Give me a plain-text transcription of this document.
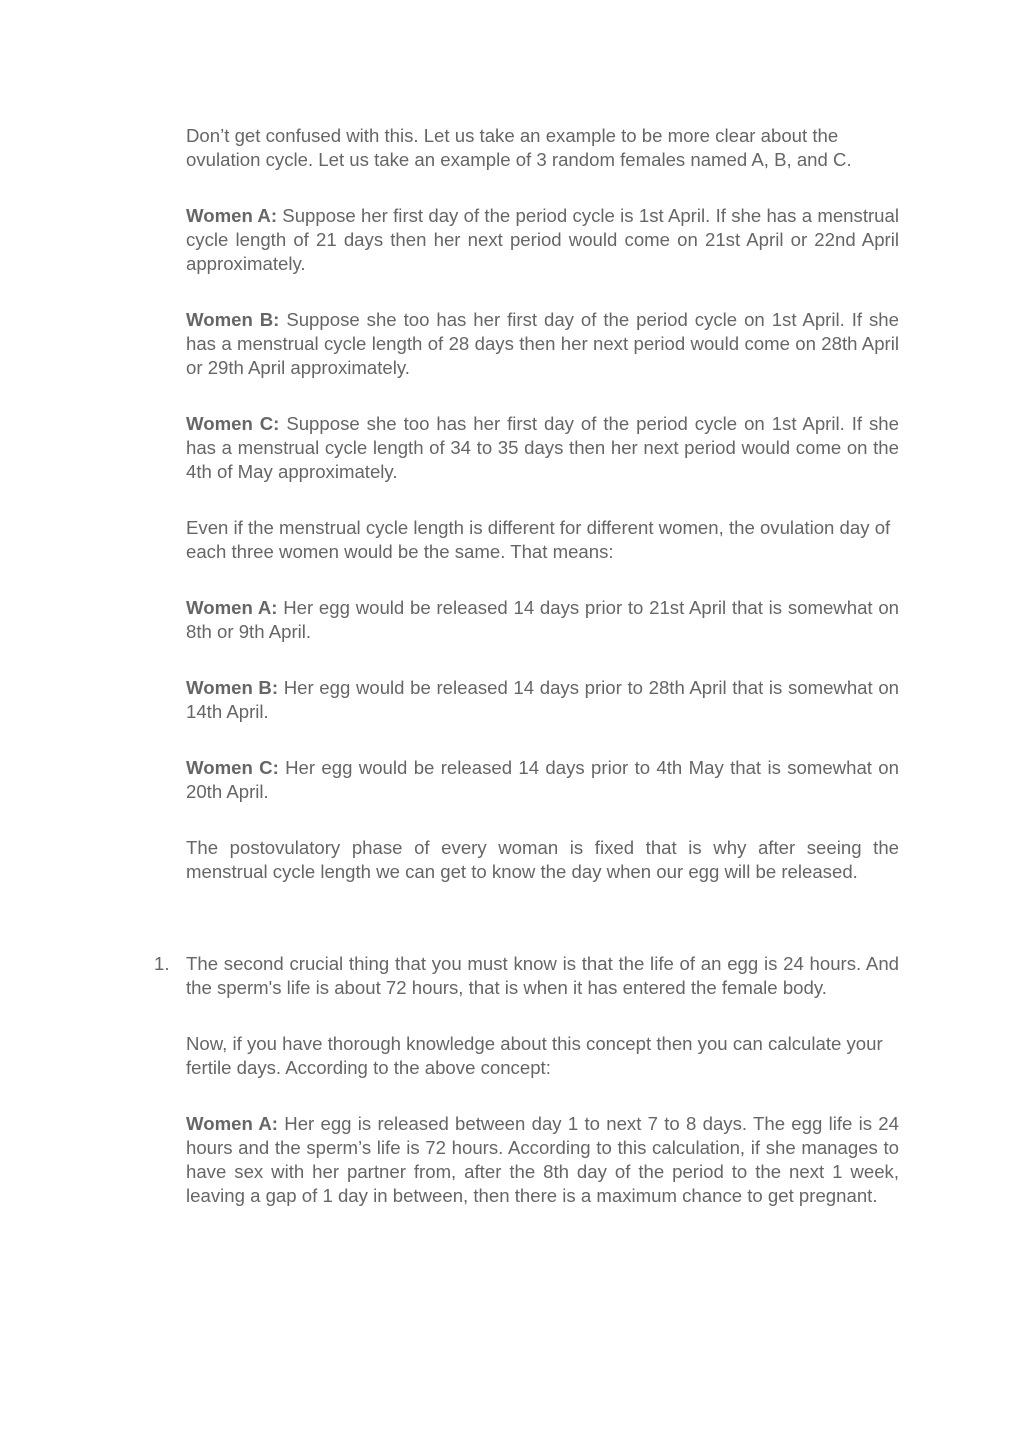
Don’t get confused with this. Let us take an example to be more clear about the ovulation cycle. Let us take an example of 3 random females named A, B, and C.

Women A: Suppose her first day of the period cycle is 1st April. If she has a menstrual cycle length of 21 days then her next period would come on 21st April or 22nd April approximately.

Women B: Suppose she too has her first day of the period cycle on 1st April. If she has a menstrual cycle length of 28 days then her next period would come on 28th April or 29th April approximately.

Women C: Suppose she too has her first day of the period cycle on 1st April. If she has a menstrual cycle length of 34 to 35 days then her next period would come on the 4th of May approximately.

Even if the menstrual cycle length is different for different women, the ovulation day of each three women would be the same. That means:

Women A: Her egg would be released 14 days prior to 21st April that is somewhat on 8th or 9th April.

Women B: Her egg would be released 14 days prior to 28th April that is somewhat on 14th April.

Women C: Her egg would be released 14 days prior to 4th May that is somewhat on 20th April.

The postovulatory phase of every woman is fixed that is why after seeing the menstrual cycle length we can get to know the day when our egg will be released.

1. The second crucial thing that you must know is that the life of an egg is 24 hours. And the sperm's life is about 72 hours, that is when it has entered the female body.

Now, if you have thorough knowledge about this concept then you can calculate your fertile days. According to the above concept:

Women A: Her egg is released between day 1 to next 7 to 8 days. The egg life is 24 hours and the sperm’s life is 72 hours. According to this calculation, if she manages to have sex with her partner from, after the 8th day of the period to the next 1 week, leaving a gap of 1 day in between, then there is a maximum chance to get pregnant.
